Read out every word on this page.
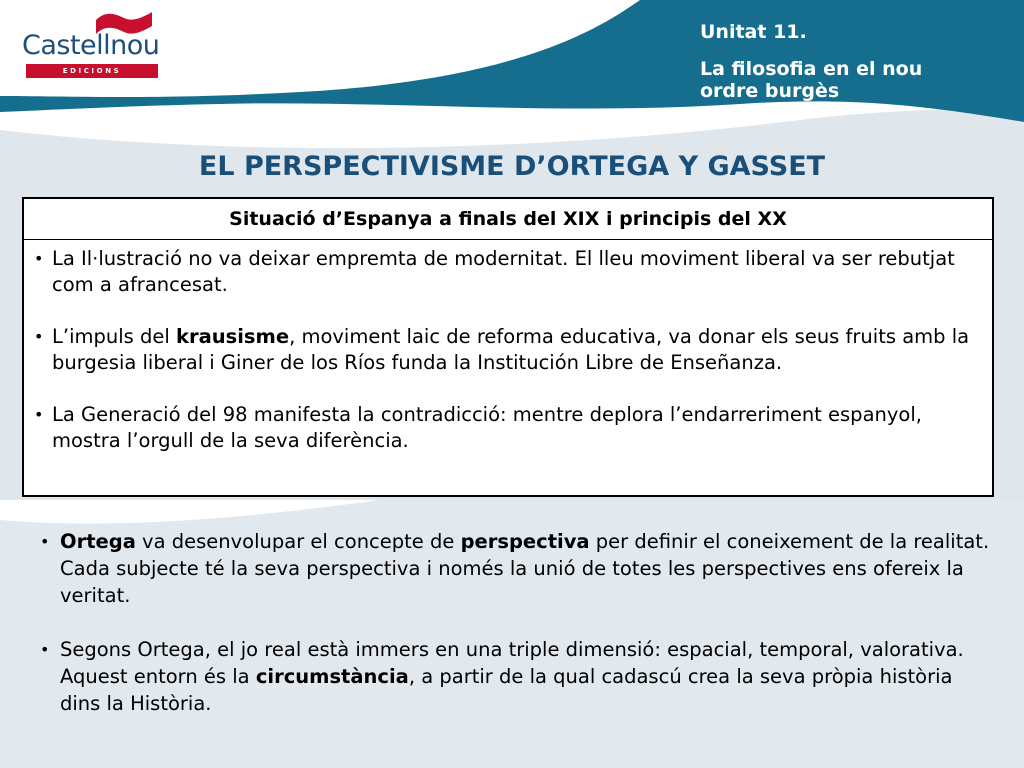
Castellnou
EDICIONS
Unitat 11.
La filosofia en el nou
ordre burgès
EL PERSPECTIVISME D’ORTEGA Y GASSET
Situació d’Espanya a finals del XIX i principis del XX
• La Il·lustració no va deixar empremta de modernitat. El lleu moviment liberal va ser rebutjat com a afrancesat.
• L’impuls del krausisme, moviment laic de reforma educativa, va donar els seus fruits amb la burgesia liberal i Giner de los Ríos funda la Institución Libre de Enseñanza.
• La Generació del 98 manifesta la contradicció: mentre deplora l’endarreriment espanyol, mostra l’orgull de la seva diferència.
• Ortega va desenvolupar el concepte de perspectiva per definir el coneixement de la realitat. Cada subjecte té la seva perspectiva i només la unió de totes les perspectives ens ofereix la veritat.
• Segons Ortega, el jo real està immers en una triple dimensió: espacial, temporal, valorativa. Aquest entorn és la circumstància, a partir de la qual cadascú crea la seva pròpia història dins la Història.
